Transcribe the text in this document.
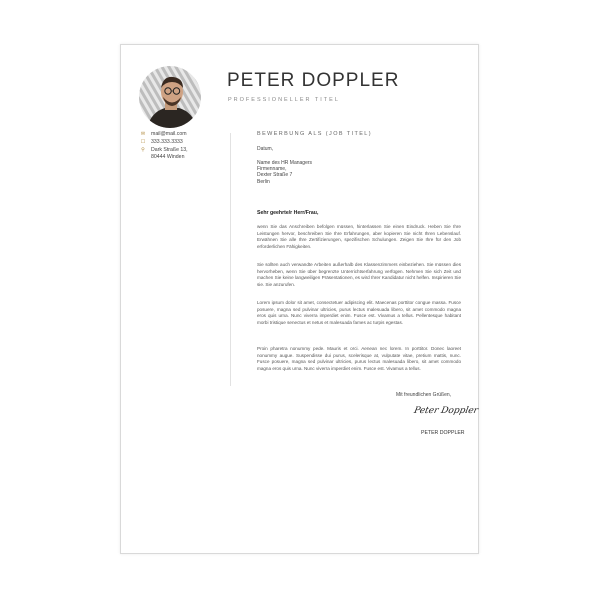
PETER DOPPLER
PROFESSIONELLER TITEL
✉	mail@mail.com
☐	333.333.3333
⚲	Dark Straße 13,
80444 Winden
BEWERBUNG ALS (JOB TITEL)
Datum,
Name des HR Managers
Firmenname,
Dexter Straße 7
Berlin
Sehr geehrte/r Herr/Frau,
wenn Sie das Anschreiben befolgen müssen, hinterlassen Sie einen Eindruck. Heben Sie Ihre Leistungen hervor, beschreiben Sie Ihre Erfahrungen, aber kopieren Sie nicht Ihren Lebenslauf. Erwähnen Sie alle Ihre Zertifizierungen, spezifischen Schulungen. Zeigen Sie Ihre für den Job erforderlichen Fähigkeiten.
Sie sollten auch verwandte Arbeiten außerhalb des Klassenzimmers einbeziehen. Sie müssen dies hervorheben, wenn Sie über begrenzte Unterrichtserfahrung verfügen. Nehmen Sie sich Zeit und machen Sie keine langweiligen Präsentationen, es wird Ihrer Kandidatur nicht helfen. Inspirieren Sie sie. Sie anzurufen.
Lorem ipsum dolor sit amet, consectetuer adipiscing elit. Maecenas porttitor congue massa. Fusce posuere, magna sed pulvinar ultricies, purus lectus malesuada libero, sit amet commodo magna eros quis urna. Nunc viverra imperdiet enim. Fusce est. Vivamus a tellus. Pellentesque habitant morbi tristique senectus et netus et malesuada fames ac turpis egestas.
Proin pharetra nonummy pede. Mauris et orci. Aenean nec lorem. In porttitor. Donec laoreet nonummy augue. Suspendisse dui purus, scelerisque at, vulputate vitae, pretium mattis, nunc. Fusce posuere, magna sed pulvinar ultricies, purus lectus malesuada libero, sit amet commodo magna eros quis urna. Nunc viverra imperdiet enim. Fusce est. Vivamus a tellus.
Mit freundlichen Grüßen,
Peter Doppler
PETER DOPPLER
